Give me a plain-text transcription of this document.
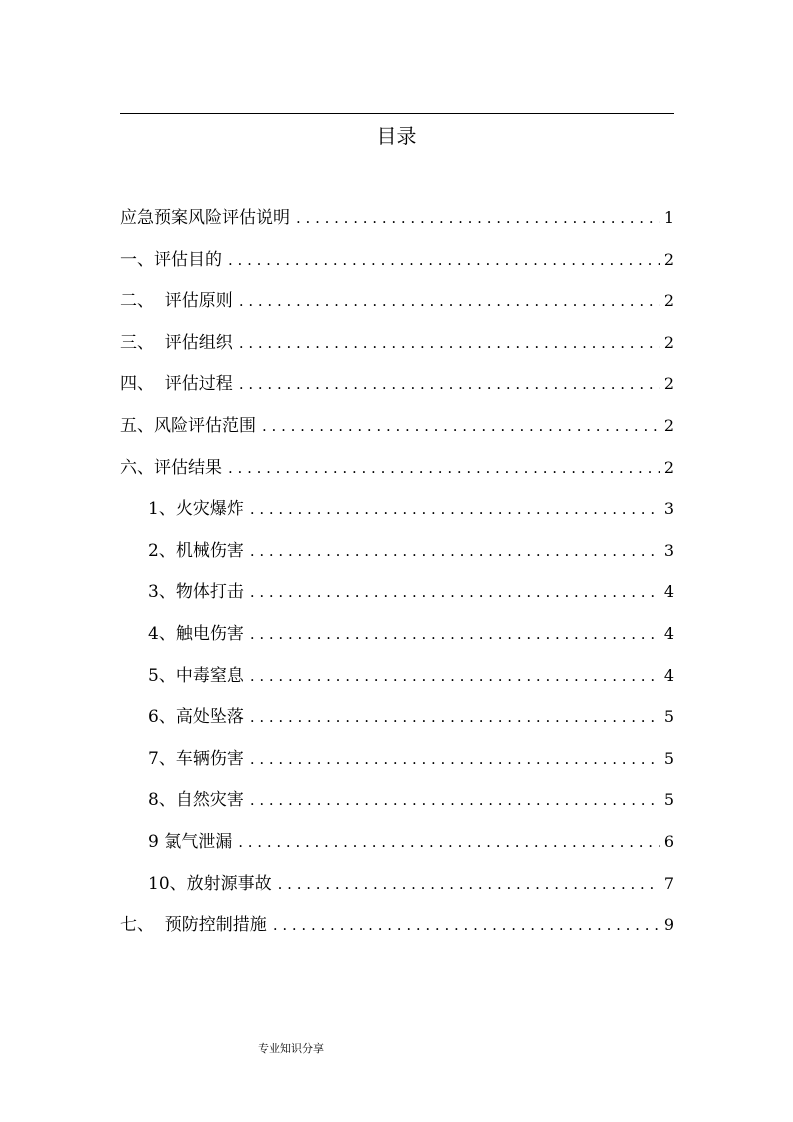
目录
应急预案风险评估说明 . . .	1
一、评估目的 . . .	2
二、  评估原则 . . .	2
三、  评估组织 . . .	2
四、  评估过程 . . .	2
五、风险评估范围 . . .	2
六、评估结果 . . .	2
1、火灾爆炸 . . .	3
2、机械伤害 . . .	3
3、物体打击 . . .	4
4、触电伤害 . . .	4
5、中毒窒息 . . .	4
6、高处坠落 . . .	5
7、车辆伤害 . . .	5
8、自然灾害 . . .	5
9 氯气泄漏 . . .	6
10、放射源事故 . . .	7
七、  预防控制措施 . . .	9
专业知识分享
